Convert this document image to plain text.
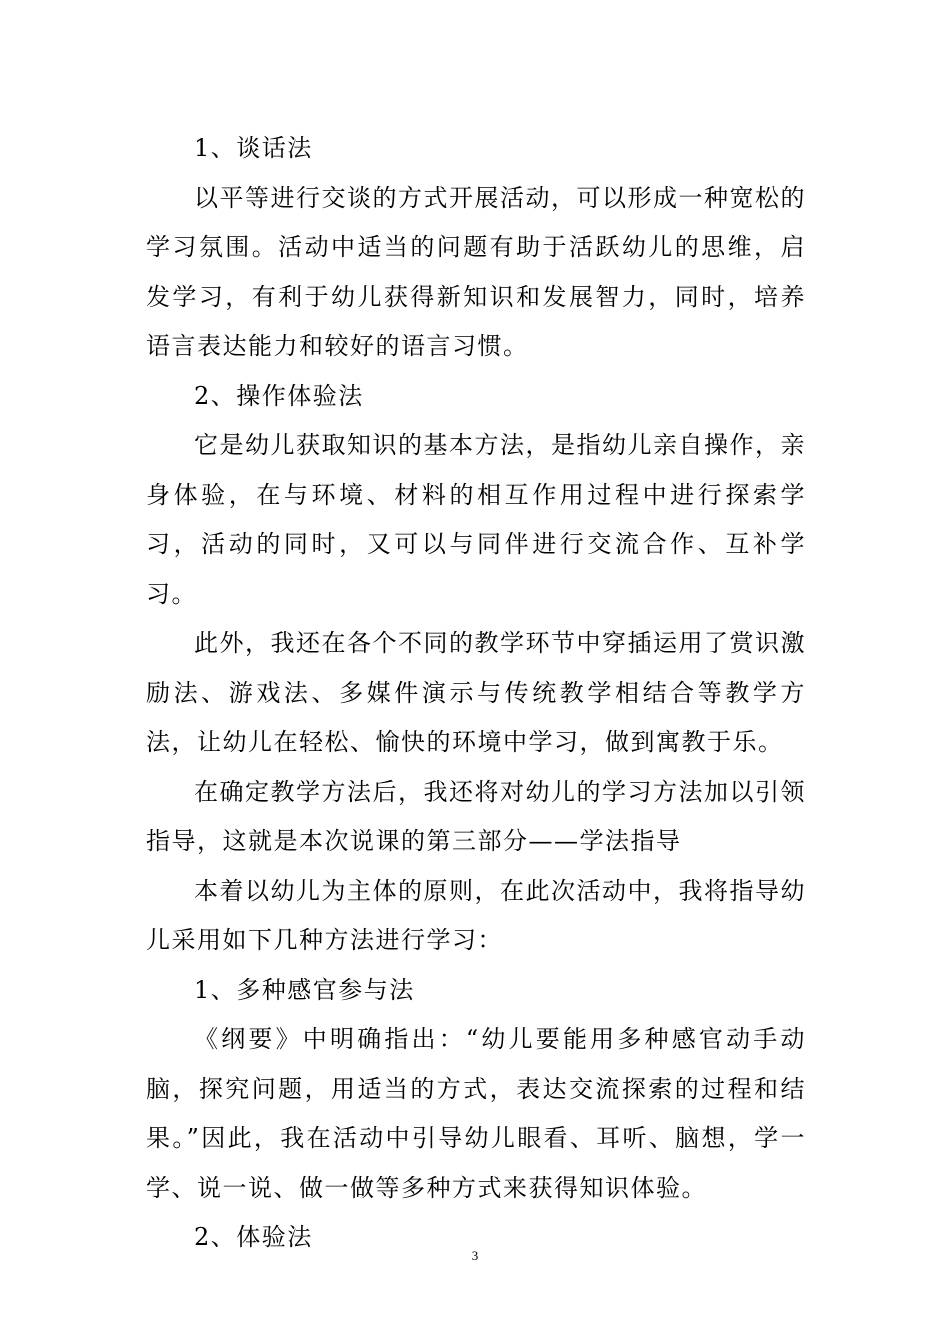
1、谈话法

以平等进行交谈的方式开展活动，可以形成一种宽松的学习氛围。活动中适当的问题有助于活跃幼儿的思维，启发学习，有利于幼儿获得新知识和发展智力，同时，培养语言表达能力和较好的语言习惯。

2、操作体验法

它是幼儿获取知识的基本方法，是指幼儿亲自操作，亲身体验，在与环境、材料的相互作用过程中进行探索学习，活动的同时，又可以与同伴进行交流合作、互补学习。

此外，我还在各个不同的教学环节中穿插运用了赏识激励法、游戏法、多媒件演示与传统教学相结合等教学方法，让幼儿在轻松、愉快的环境中学习，做到寓教于乐。

在确定教学方法后，我还将对幼儿的学习方法加以引领指导，这就是本次说课的第三部分——学法指导

本着以幼儿为主体的原则，在此次活动中，我将指导幼儿采用如下几种方法进行学习：

1、多种感官参与法

《纲要》中明确指出：“幼儿要能用多种感官动手动脑，探究问题，用适当的方式，表达交流探索的过程和结果。”因此，我在活动中引导幼儿眼看、耳听、脑想，学一学、说一说、做一做等多种方式来获得知识体验。

2、体验法

3
